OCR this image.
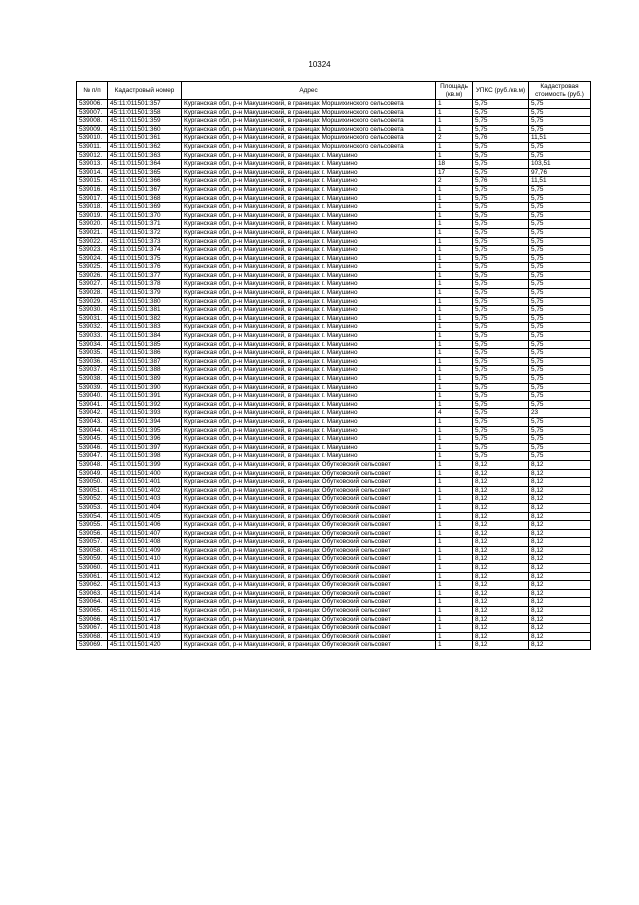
10324
№ п/п	Кадастровый номер	Адрес	Площадь (кв.м)	УПКС (руб./кв.м)	Кадастровая стоимость (руб.)
539006.	45:11:011501:357	Курганская обл, р-н Макушинский, в границах Моршихинского сельсовета	1	5,75	5,75
539007.	45:11:011501:358	Курганская обл, р-н Макушинский, в границах Моршихинского сельсовета	1	5,75	5,75
539008.	45:11:011501:359	Курганская обл, р-н Макушинский, в границах Моршихинского сельсовета	1	5,75	5,75
539009.	45:11:011501:360	Курганская обл, р-н Макушинский, в границах Моршихинского сельсовета	1	5,75	5,75
539010.	45:11:011501:361	Курганская обл, р-н Макушинский, в границах Моршихинского сельсовета	2	5,76	11,51
539011.	45:11:011501:362	Курганская обл, р-н Макушинский, в границах Моршихинского сельсовета	1	5,75	5,75
539012.	45:11:011501:363	Курганская обл, р-н Макушинский, в границах г. Макушино	1	5,75	5,75
539013.	45:11:011501:364	Курганская обл, р-н Макушинский, в границах г. Макушино	18	5,75	103,51
539014.	45:11:011501:365	Курганская обл, р-н Макушинский, в границах г. Макушино	17	5,75	97,76
539015.	45:11:011501:366	Курганская обл, р-н Макушинский, в границах г. Макушино	2	5,76	11,51
539016.	45:11:011501:367	Курганская обл, р-н Макушинский, в границах г. Макушино	1	5,75	5,75
539017.	45:11:011501:368	Курганская обл, р-н Макушинский, в границах г. Макушино	1	5,75	5,75
539018.	45:11:011501:369	Курганская обл, р-н Макушинский, в границах г. Макушино	1	5,75	5,75
539019.	45:11:011501:370	Курганская обл, р-н Макушинский, в границах г. Макушино	1	5,75	5,75
539020.	45:11:011501:371	Курганская обл, р-н Макушинский, в границах г. Макушино	1	5,75	5,75
539021.	45:11:011501:372	Курганская обл, р-н Макушинский, в границах г. Макушино	1	5,75	5,75
539022.	45:11:011501:373	Курганская обл, р-н Макушинский, в границах г. Макушино	1	5,75	5,75
539023.	45:11:011501:374	Курганская обл, р-н Макушинский, в границах г. Макушино	1	5,75	5,75
539024.	45:11:011501:375	Курганская обл, р-н Макушинский, в границах г. Макушино	1	5,75	5,75
539025.	45:11:011501:376	Курганская обл, р-н Макушинский, в границах г. Макушино	1	5,75	5,75
539026.	45:11:011501:377	Курганская обл, р-н Макушинский, в границах г. Макушино	1	5,75	5,75
539027.	45:11:011501:378	Курганская обл, р-н Макушинский, в границах г. Макушино	1	5,75	5,75
539028.	45:11:011501:379	Курганская обл, р-н Макушинский, в границах г. Макушино	1	5,75	5,75
539029.	45:11:011501:380	Курганская обл, р-н Макушинский, в границах г. Макушино	1	5,75	5,75
539030.	45:11:011501:381	Курганская обл, р-н Макушинский, в границах г. Макушино	1	5,75	5,75
539031.	45:11:011501:382	Курганская обл, р-н Макушинский, в границах г. Макушино	1	5,75	5,75
539032.	45:11:011501:383	Курганская обл, р-н Макушинский, в границах г. Макушино	1	5,75	5,75
539033.	45:11:011501:384	Курганская обл, р-н Макушинский, в границах г. Макушино	1	5,75	5,75
539034.	45:11:011501:385	Курганская обл, р-н Макушинский, в границах г. Макушино	1	5,75	5,75
539035.	45:11:011501:386	Курганская обл, р-н Макушинский, в границах г. Макушино	1	5,75	5,75
539036.	45:11:011501:387	Курганская обл, р-н Макушинский, в границах г. Макушино	1	5,75	5,75
539037.	45:11:011501:388	Курганская обл, р-н Макушинский, в границах г. Макушино	1	5,75	5,75
539038.	45:11:011501:389	Курганская обл, р-н Макушинский, в границах г. Макушино	1	5,75	5,75
539039.	45:11:011501:390	Курганская обл, р-н Макушинский, в границах г. Макушино	1	5,75	5,75
539040.	45:11:011501:391	Курганская обл, р-н Макушинский, в границах г. Макушино	1	5,75	5,75
539041.	45:11:011501:392	Курганская обл, р-н Макушинский, в границах г. Макушино	1	5,75	5,75
539042.	45:11:011501:393	Курганская обл, р-н Макушинский, в границах г. Макушино	4	5,75	23
539043.	45:11:011501:394	Курганская обл, р-н Макушинский, в границах г. Макушино	1	5,75	5,75
539044.	45:11:011501:395	Курганская обл, р-н Макушинский, в границах г. Макушино	1	5,75	5,75
539045.	45:11:011501:396	Курганская обл, р-н Макушинский, в границах г. Макушино	1	5,75	5,75
539046.	45:11:011501:397	Курганская обл, р-н Макушинский, в границах г. Макушино	1	5,75	5,75
539047.	45:11:011501:398	Курганская обл, р-н Макушинский, в границах г. Макушино	1	5,75	5,75
539048.	45:11:011501:399	Курганская обл, р-н Макушинский, в границах Обутковский сельсовет	1	8,12	8,12
539049.	45:11:011501:400	Курганская обл, р-н Макушинский, в границах Обутковский сельсовет	1	8,12	8,12
539050.	45:11:011501:401	Курганская обл, р-н Макушинский, в границах Обутковский сельсовет	1	8,12	8,12
539051.	45:11:011501:402	Курганская обл, р-н Макушинский, в границах Обутковский сельсовет	1	8,12	8,12
539052.	45:11:011501:403	Курганская обл, р-н Макушинский, в границах Обутковский сельсовет	1	8,12	8,12
539053.	45:11:011501:404	Курганская обл, р-н Макушинский, в границах Обутковский сельсовет	1	8,12	8,12
539054.	45:11:011501:405	Курганская обл, р-н Макушинский, в границах Обутковский сельсовет	1	8,12	8,12
539055.	45:11:011501:406	Курганская обл, р-н Макушинский, в границах Обутковский сельсовет	1	8,12	8,12
539056.	45:11:011501:407	Курганская обл, р-н Макушинский, в границах Обутковский сельсовет	1	8,12	8,12
539057.	45:11:011501:408	Курганская обл, р-н Макушинский, в границах Обутковский сельсовет	1	8,12	8,12
539058.	45:11:011501:409	Курганская обл, р-н Макушинский, в границах Обутковский сельсовет	1	8,12	8,12
539059.	45:11:011501:410	Курганская обл, р-н Макушинский, в границах Обутковский сельсовет	1	8,12	8,12
539060.	45:11:011501:411	Курганская обл, р-н Макушинский, в границах Обутковский сельсовет	1	8,12	8,12
539061.	45:11:011501:412	Курганская обл, р-н Макушинский, в границах Обутковский сельсовет	1	8,12	8,12
539062.	45:11:011501:413	Курганская обл, р-н Макушинский, в границах Обутковский сельсовет	1	8,12	8,12
539063.	45:11:011501:414	Курганская обл, р-н Макушинский, в границах Обутковский сельсовет	1	8,12	8,12
539064.	45:11:011501:415	Курганская обл, р-н Макушинский, в границах Обутковский сельсовет	1	8,12	8,12
539065.	45:11:011501:416	Курганская обл, р-н Макушинский, в границах Обутковский сельсовет	1	8,12	8,12
539066.	45:11:011501:417	Курганская обл, р-н Макушинский, в границах Обутковский сельсовет	1	8,12	8,12
539067.	45:11:011501:418	Курганская обл, р-н Макушинский, в границах Обутковский сельсовет	1	8,12	8,12
539068.	45:11:011501:419	Курганская обл, р-н Макушинский, в границах Обутковский сельсовет	1	8,12	8,12
539069.	45:11:011501:420	Курганская обл, р-н Макушинский, в границах Обутковский сельсовет	1	8,12	8,12
